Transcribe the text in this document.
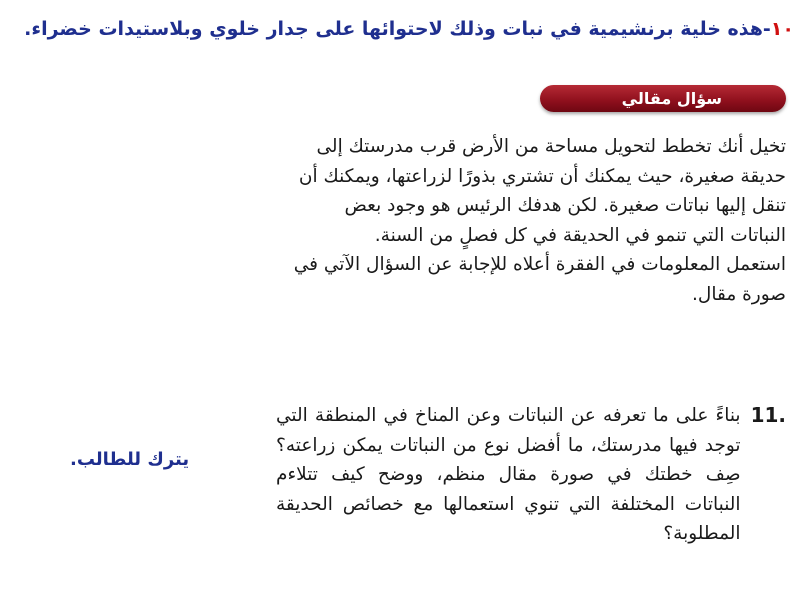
١٠-هذه خلية برنشيمية في نبات وذلك لاحتوائها على جدار خلوي وبلاستيدات خضراء.
سؤال مقالي

تخيل أنك تخطط لتحويل مساحة من الأرض قرب مدرستك إلى حديقة صغيرة، حيث يمكنك أن تشتري بذورًا لزراعتها، ويمكنك أن تنقل إليها نباتات صغيرة. لكن هدفك الرئيس هو وجود بعض النباتات التي تنمو في الحديقة في كل فصلٍ من السنة.

استعمل المعلومات في الفقرة أعلاه للإجابة عن السؤال الآتي في صورة مقال.

11.

بناءً على ما تعرفه عن النباتات وعن المناخ في المنطقة التي توجد فيها مدرستك، ما أفضل نوع من النباتات يمكن زراعته؟ صِف خطتك في صورة مقال منظم، ووضح كيف تتلاءم النباتات المختلفة التي تنوي استعمالها مع خصائص الحديقة المطلوبة؟

يترك للطالب.
